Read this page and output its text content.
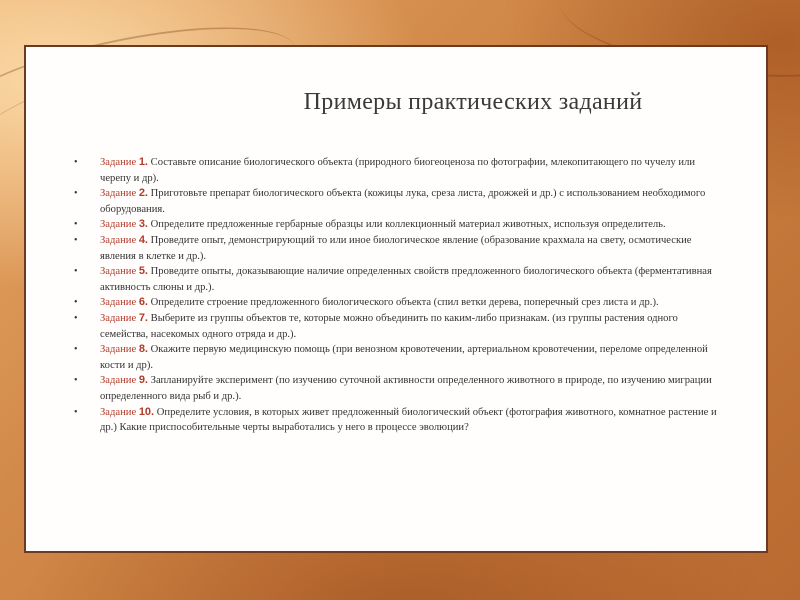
Примеры практических заданий
• Задание 1. Составьте описание биологического объекта (природного биогеоценоза по фотографии, млекопитающего по чучелу или черепу и др).
• Задание 2. Приготовьте препарат биологического объекта (кожицы лука, среза листа, дрожжей и др.) с использованием необходимого оборудования.
• Задание 3. Определите предложенные гербарные образцы или коллекционный материал животных, используя определитель.
• Задание 4. Проведите опыт, демонстрирующий то или иное биологическое явление (образование крахмала на свету, осмотические явления в клетке и др.).
• Задание 5. Проведите опыты, доказывающие наличие определенных свойств предложенного биологического объекта (ферментативная активность слюны и др.).
• Задание 6. Определите строение предложенного биологического объекта (спил ветки дерева, поперечный срез листа и др.).
• Задание 7. Выберите из группы объектов те, которые можно объединить по каким-либо признакам. (из группы растения одного семейства, насекомых одного отряда и др.).
• Задание 8. Окажите первую медицинскую помощь (при венозном кровотечении, артериальном кровотечении, переломе определенной кости и др).
• Задание 9. Запланируйте эксперимент (по изучению суточной активности определенного животного в природе, по изучению миграции определенного вида рыб и др.).
• Задание 10. Определите условия, в которых живет предложенный биологический объект (фотография животного, комнатное растение и др.) Какие приспособительные черты выработались у него в процессе эволюции?
